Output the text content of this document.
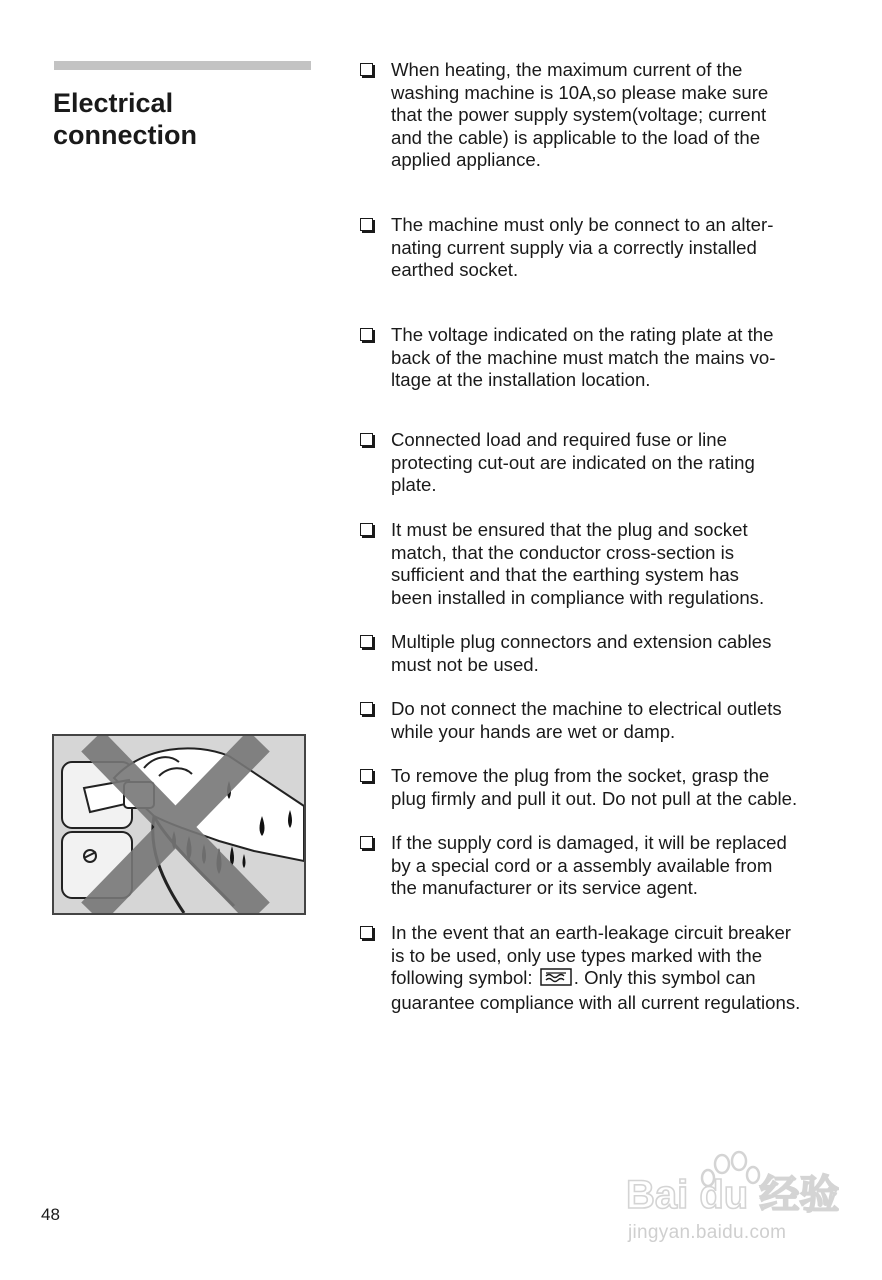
Electrical
connection

When heating, the maximum current of the
washing machine is 10A,so please make sure
that the power supply system(voltage; current
and the cable) is applicable to the load of the
applied appliance.

The machine must only be connect to an alter-
nating current supply via a correctly installed
earthed socket.

The voltage indicated on the rating plate at the
back of the machine must match the mains vo-
ltage at the installation location.

Connected load and required fuse or line
protecting cut-out are indicated on the rating
plate.

It must be ensured that the plug and socket
match, that the conductor cross-section is
sufficient and that the earthing system has
been installed in compliance with regulations.

Multiple plug connectors and extension cables
must not be used.

Do not connect the machine to electrical outlets
while your hands are wet or damp.

To remove the plug from the socket, grasp the
plug firmly and pull it out. Do not pull at the cable.

If the supply cord is damaged, it will be replaced
by a special cord or a assembly available from
the manufacturer or its service agent.

In the event that an earth-leakage circuit breaker
is to be used, only use types marked with the
following symbol: . Only this symbol can
guarantee compliance with all current regulations.

48	Bai du 经验
jingyan.baidu.com
